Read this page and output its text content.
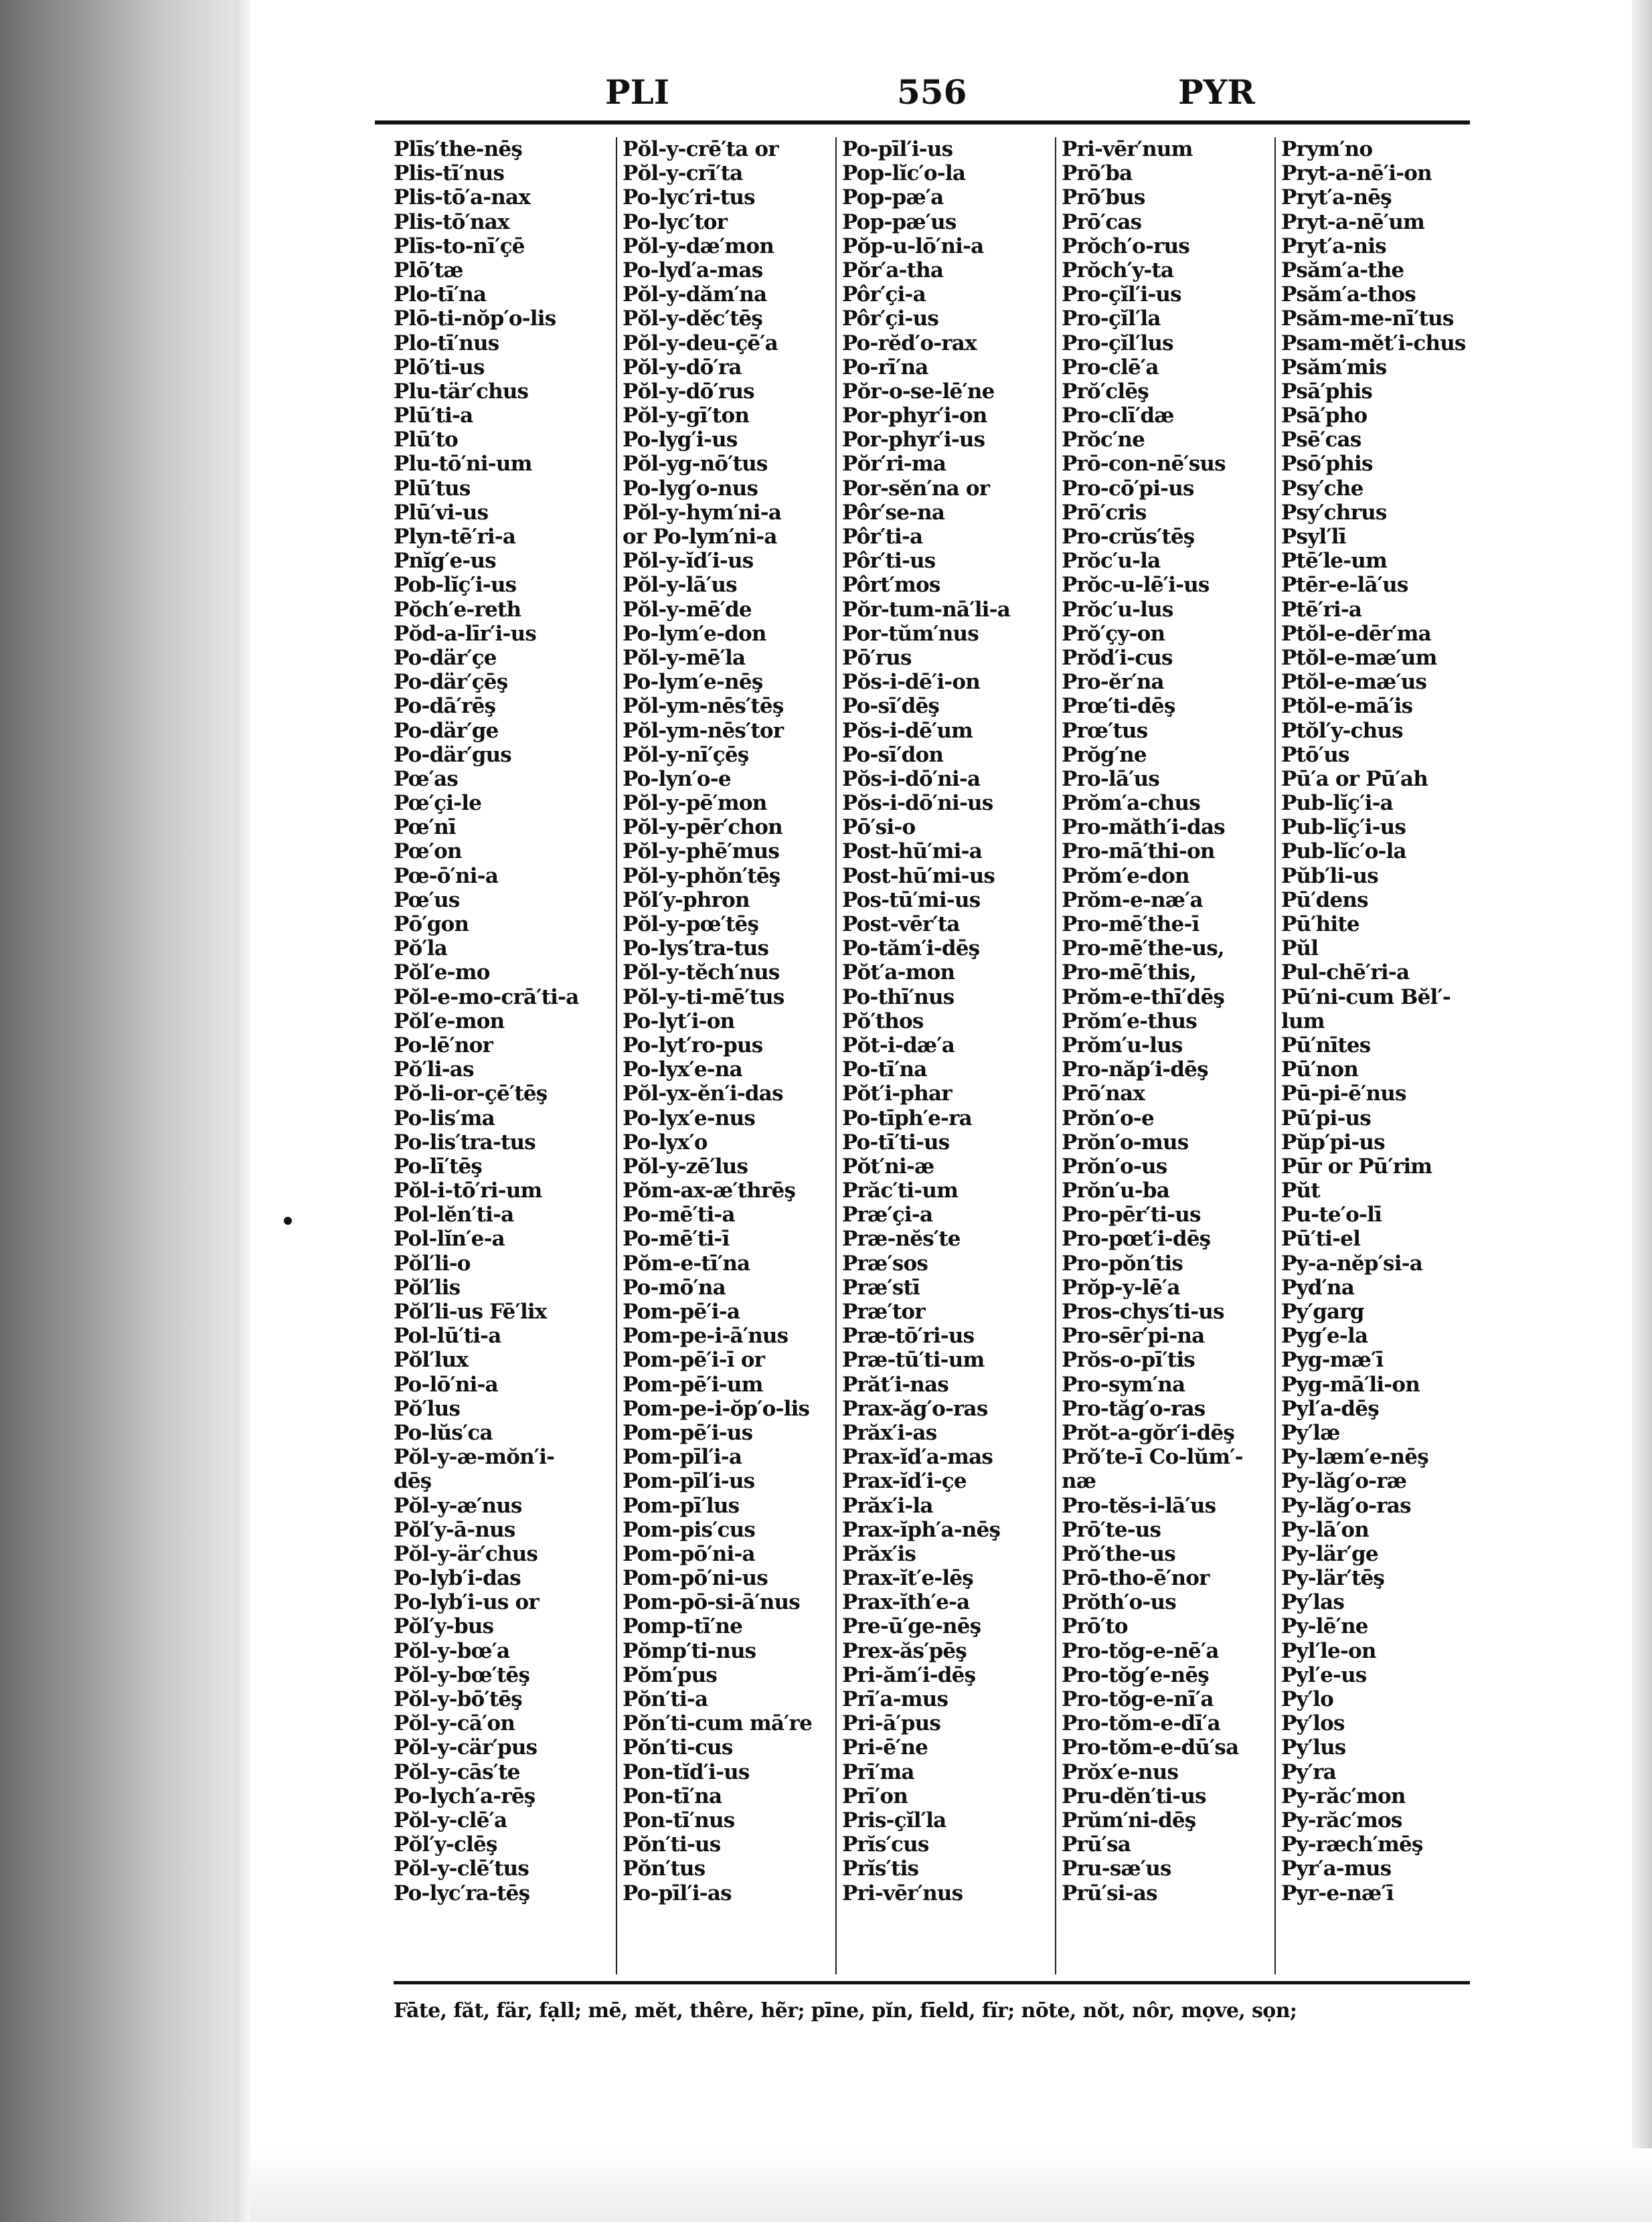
PLI	556	PYR
Plīs′the-nēş
Plis-tī′nus
Plis-tō′a-nax
Plis-tō′nax
Plīs-to-nī′çē
Plō′tæ
Plo-tī′na
Plō-ti-nŏp′o-lis
Plo-tī′nus
Plō′ti-us
Plu-tär′chus
Plū′ti-a
Plū′to
Plu-tō′ni-um
Plū′tus
Plū′vi-us
Plyn-tē′ri-a
Pnĭg′e-us
Pob-lĭç′i-us
Pŏch′e-reth
Pŏd-a-līr′i-us
Po-där′çe
Po-där′çēş
Po-dā′rēş
Po-där′ge
Po-där′gus
Pœ′as
Pœ′çi-le
Pœ′nī
Pœ′on
Pœ-ō′ni-a
Pœ′us
Pō′gon
Pŏ′la
Pŏl′e-mo
Pŏl-e-mo-crā′ti-a
Pŏl′e-mon
Po-lē′nor
Pŏ′li-as
Pŏ-li-or-çē′tēş
Po-lis′ma
Po-lis′tra-tus
Po-lī′tēş
Pŏl-i-tō′ri-um
Pol-lĕn′ti-a
Pol-lĭn′e-a
Pŏl′li-o
Pŏl′lis
Pŏl′li-us Fē′lix
Pol-lū′ti-a
Pŏl′lux
Po-lō′ni-a
Pŏ′lus
Po-lŭs′ca
Pŏl-y-æ-mŏn′i-
dēş
Pŏl-y-æ′nus
Pŏl′y-ā-nus
Pŏl-y-är′chus
Po-lyb′i-das
Po-lyb′i-us or
Pŏl′y-bus
Pŏl-y-bœ′a
Pŏl-y-bœ′tēş
Pŏl-y-bō′tēş
Pŏl-y-cā′on
Pŏl-y-cär′pus
Pŏl-y-cās′te
Po-lych′a-rēş
Pŏl-y-clē′a
Pŏl′y-clēş
Pŏl-y-clē′tus
Po-lyc′ra-tēş
Pŏl-y-crē′ta or
Pŏl-y-crī′ta
Po-lyc′ri-tus
Po-lyc′tor
Pŏl-y-dæ′mon
Po-lyd′a-mas
Pŏl-y-dăm′na
Pŏl-y-dĕc′tēş
Pŏl-y-deu-çē′a
Pŏl-y-dō′ra
Pŏl-y-dō′rus
Pŏl-y-gī′ton
Po-lyg′i-us
Pŏl-yg-nō′tus
Po-lyg′o-nus
Pŏl-y-hym′ni-a
or Po-lym′ni-a
Pŏl-y-ĭd′i-us
Pŏl-y-lā′us
Pŏl-y-mē′de
Po-lym′e-don
Pŏl-y-mē′la
Po-lym′e-nēş
Pŏl-ym-nēs′tēş
Pŏl-ym-nēs′tor
Pŏl-y-nī′çēş
Po-lyn′o-e
Pŏl-y-pē′mon
Pŏl-y-pēr′chon
Pŏl-y-phē′mus
Pŏl-y-phŏn′tēş
Pŏl′y-phron
Pŏl-y-pœ′tēş
Po-lys′tra-tus
Pŏl-y-tĕch′nus
Pŏl-y-ti-mē′tus
Po-lyt′i-on
Po-lyt′ro-pus
Po-lyx′e-na
Pŏl-yx-ĕn′i-das
Po-lyx′e-nus
Po-lyx′o
Pŏl-y-zē′lus
Pŏm-ax-æ′thrēş
Po-mē′ti-a
Po-mē′ti-ī
Pŏm-e-tī′na
Po-mō′na
Pom-pē′i-a
Pom-pe-i-ā′nus
Pom-pē′i-ī or
Pom-pē′i-um
Pom-pe-i-ŏp′o-lis
Pom-pē′i-us
Pom-pīl′i-a
Pom-pīl′i-us
Pom-pī′lus
Pom-pis′cus
Pom-pō′ni-a
Pom-pō′ni-us
Pom-pō-si-ā′nus
Pomp-tī′ne
Pŏmp′ti-nus
Pŏm′pus
Pŏn′ti-a
Pŏn′ti-cum mā′re
Pŏn′ti-cus
Pon-tĭd′i-us
Pon-tī′na
Pon-tī′nus
Pŏn′ti-us
Pŏn′tus
Po-pīl′i-as
Po-pīl′i-us
Pop-lĭc′o-la
Pop-pæ′a
Pop-pæ′us
Pŏp-u-lō′ni-a
Pŏr′a-tha
Pôr′çi-a
Pôr′çi-us
Po-rĕd′o-rax
Po-rī′na
Pŏr-o-se-lē′ne
Por-phyr′i-on
Por-phyr′i-us
Pŏr′ri-ma
Por-sĕn′na or
Pôr′se-na
Pôr′ti-a
Pôr′ti-us
Pôrt′mos
Pŏr-tum-nā′li-a
Por-tŭm′nus
Pō′rus
Pŏs-i-dē′i-on
Po-sī′dēş
Pŏs-i-dē′um
Po-sī′don
Pŏs-i-dō′ni-a
Pŏs-i-dō′ni-us
Pō′si-o
Post-hū′mi-a
Post-hū′mi-us
Pos-tū′mi-us
Post-vēr′ta
Po-tăm′i-dēş
Pŏt′a-mon
Po-thī′nus
Pŏ′thos
Pŏt-i-dæ′a
Po-tī′na
Pŏt′i-phar
Po-tīph′e-ra
Po-tī′ti-us
Pŏt′ni-æ
Prăc′ti-um
Præ′çi-a
Præ-nĕs′te
Præ′sos
Præ′stī
Præ′tor
Præ-tō′ri-us
Præ-tū′ti-um
Prăt′i-nas
Prax-ăg′o-ras
Prăx′i-as
Prax-ĭd′a-mas
Prax-ĭd′i-çe
Prăx′i-la
Prax-ĭph′a-nēş
Prăx′is
Prax-ĭt′e-lēş
Prax-ĭth′e-a
Pre-ū′ge-nēş
Prex-ăs′pēş
Pri-ăm′i-dēş
Prī′a-mus
Pri-ā′pus
Pri-ē′ne
Prī′ma
Prī′on
Pris-çĭl′la
Prĭs′cus
Prĭs′tis
Pri-vēr′nus
Pri-vēr′num
Prō′ba
Prō′bus
Prō′cas
Prŏch′o-rus
Prŏch′y-ta
Pro-çĭl′i-us
Pro-çĭl′la
Pro-çĭl′lus
Pro-clē′a
Prŏ′clēş
Pro-clī′dæ
Prŏc′ne
Prō-con-nē′sus
Pro-cō′pi-us
Prō′cris
Pro-crŭs′tēş
Prŏc′u-la
Prŏc-u-lē′i-us
Prŏc′u-lus
Prŏ′çy-on
Prŏd′i-cus
Pro-ĕr′na
Prœ′ti-dēş
Prœ′tus
Prŏg′ne
Pro-lā′us
Prŏm′a-chus
Pro-măth′i-das
Pro-mā′thi-on
Prŏm′e-don
Prŏm-e-næ′a
Pro-mē′the-ī
Pro-mē′the-us,
Pro-mē′this,
Prŏm-e-thī′dēş
Prŏm′e-thus
Prŏm′u-lus
Pro-năp′i-dēş
Prō′nax
Prŏn′o-e
Prŏn′o-mus
Prŏn′o-us
Prŏn′u-ba
Pro-pēr′ti-us
Pro-pœt′i-dēş
Pro-pŏn′tis
Prŏp-y-lē′a
Pros-chys′ti-us
Pro-sēr′pi-na
Prŏs-o-pī′tis
Pro-sym′na
Pro-tăg′o-ras
Prŏt-a-gŏr′i-dēş
Prŏ′te-ī Co-lŭm′-
næ
Pro-tĕs-i-lā′us
Prō′te-us
Prŏ′the-us
Prō-tho-ē′nor
Prŏth′o-us
Prō′to
Pro-tŏg-e-nē′a
Pro-tŏg′e-nēş
Pro-tŏg-e-nī′a
Pro-tŏm-e-dī′a
Pro-tŏm-e-dū′sa
Prŏx′e-nus
Pru-dĕn′ti-us
Prŭm′ni-dēş
Prū′sa
Pru-sæ′us
Prū′si-as
Prym′no
Pryt-a-nē′i-on
Pryt′a-nēş
Pryt-a-nē′um
Pryt′a-nis
Psăm′a-the
Psăm′a-thos
Psăm-me-nī′tus
Psam-mĕt′i-chus
Psăm′mis
Psā′phis
Psā′pho
Psē′cas
Psō′phis
Psy′che
Psy′chrus
Psyl′lī
Ptē′le-um
Ptēr-e-lā′us
Ptē′ri-a
Ptŏl-e-dēr′ma
Ptŏl-e-mæ′um
Ptŏl-e-mæ′us
Ptŏl-e-mā′is
Ptŏl′y-chus
Ptō′us
Pū′a or Pū′ah
Pub-lĭç′i-a
Pub-lĭç′i-us
Pub-lĭc′o-la
Pŭb′li-us
Pū′dens
Pū′hite
Pŭl
Pul-chē′ri-a
Pū′ni-cum Bĕl′-
lum
Pū′nītes
Pū′non
Pū-pi-ē′nus
Pū′pi-us
Pŭp′pi-us
Pūr or Pū′rim
Pŭt
Pu-te′o-lī
Pū′ti-el
Py-a-nĕp′si-a
Pyd′na
Py′garg
Pyg′e-la
Pyg-mæ′ī
Pyg-mā′li-on
Pyl′a-dēş
Py′læ
Py-læm′e-nēş
Py-lăg′o-ræ
Py-lăg′o-ras
Py-lā′on
Py-lär′ge
Py-lär′tēş
Py′las
Py-lē′ne
Pyl′le-on
Pyl′e-us
Py′lo
Py′los
Py′lus
Py′ra
Py-răc′mon
Py-răc′mos
Py-ræch′mēş
Pyr′a-mus
Pyr-e-næ′ī
Fāte, făt, fär, fạll; mē, mĕt, thêre, hẽr; pīne, pĭn, fīeld, fïr; nōte, nŏt, nôr, mọve, sọn;
